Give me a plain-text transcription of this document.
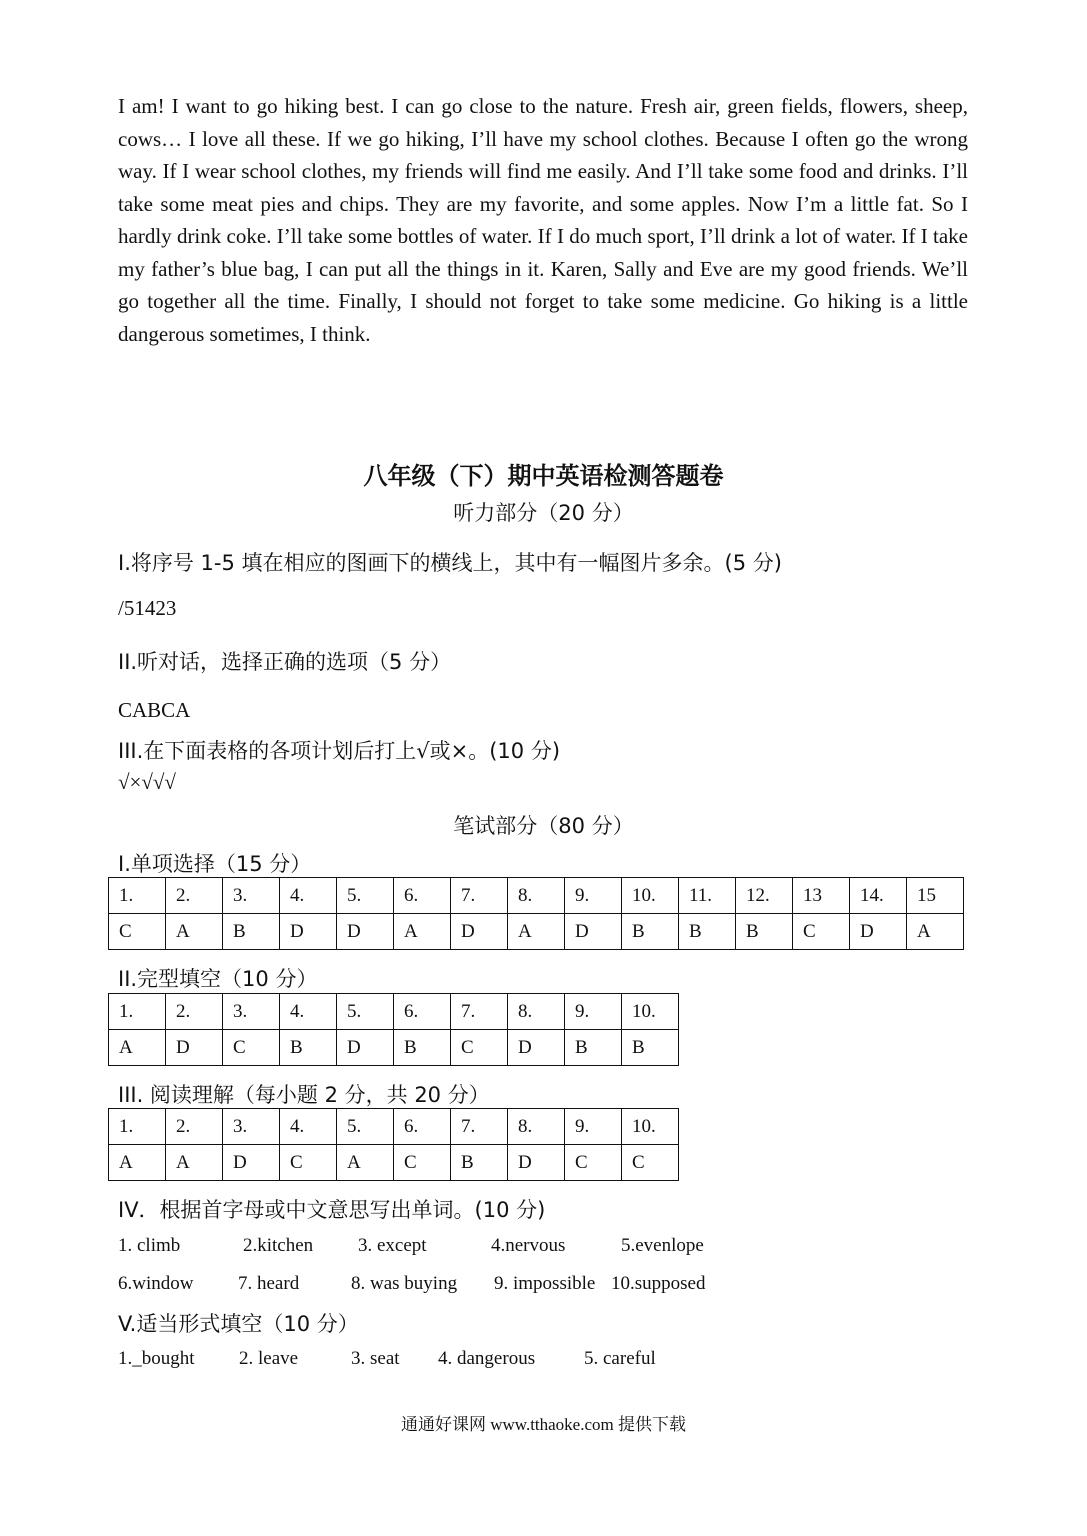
I am! I want to go hiking best. I can go close to the nature. Fresh air, green fields, flowers, sheep, cows… I love all these. If we go hiking, I’ll have my school clothes. Because I often go the wrong way. If I wear school clothes, my friends will find me easily. And I’ll take some food and drinks. I’ll take some meat pies and chips. They are my favorite, and some apples. Now I’m a little fat. So I hardly drink coke. I’ll take some bottles of water. If I do much sport, I’ll drink a lot of water. If I take my father’s blue bag, I can put all the things in it. Karen, Sally and Eve are my good friends. We’ll go together all the time. Finally, I should not forget to take some medicine. Go hiking is a little dangerous sometimes, I think.

八年级（下）期中英语检测答题卷

听力部分（20 分）

I.将序号 1-5 填在相应的图画下的横线上，其中有一幅图片多余。(5 分)

/51423

II.听对话，选择正确的选项（5 分）

CABCA

III.在下面表格的各项计划后打上√或×。(10 分)

√×√√√

笔试部分（80 分）

I.单项选择（15 分）

1.	2.	3.	4.	5.	6.	7.	8.	9.	10.	11.	12.	13	14.	15
C	A	B	D	D	A	D	A	D	B	B	B	C	D	A

II.完型填空（10 分）

1.	2.	3.	4.	5.	6.	7.	8.	9.	10.
A	D	C	B	D	B	C	D	B	B

III. 阅读理解（每小题 2 分，共 20 分）

1.	2.	3.	4.	5.	6.	7.	8.	9.	10.
A	A	D	C	A	C	B	D	C	C

IV．根据首字母或中文意思写出单词。(10 分)

1. climb	2.kitchen 3. except	4.nervous	5.evenlope

6.window 7. heard	8. was buying 9. impossible 10.supposed

V.适当形式填空（10 分）

1._bought 2. leave	3. seat 4. dangerous	5. careful

通通好课网 www.tthaoke.com 提供下载
